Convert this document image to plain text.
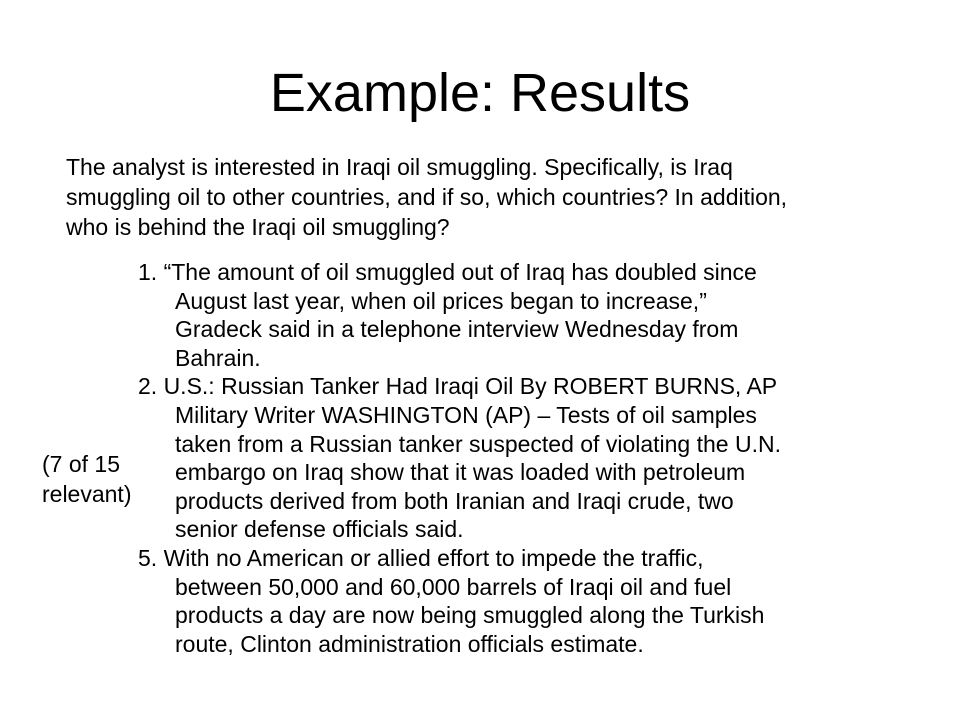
Example: Results
The analyst is interested in Iraqi oil smuggling. Specifically, is Iraq
smuggling oil to other countries, and if so, which countries? In addition,
who is behind the Iraqi oil smuggling?
(7 of 15
relevant)
1. “The amount of oil smuggled out of Iraq has doubled since
August last year, when oil prices began to increase,”
Gradeck said in a telephone interview Wednesday from
Bahrain.
2. U.S.: Russian Tanker Had Iraqi Oil By ROBERT BURNS, AP
Military Writer WASHINGTON (AP) – Tests of oil samples
taken from a Russian tanker suspected of violating the U.N.
embargo on Iraq show that it was loaded with petroleum
products derived from both Iranian and Iraqi crude, two
senior defense officials said.
5. With no American or allied effort to impede the traffic,
between 50,000 and 60,000 barrels of Iraqi oil and fuel
products a day are now being smuggled along the Turkish
route, Clinton administration officials estimate.
